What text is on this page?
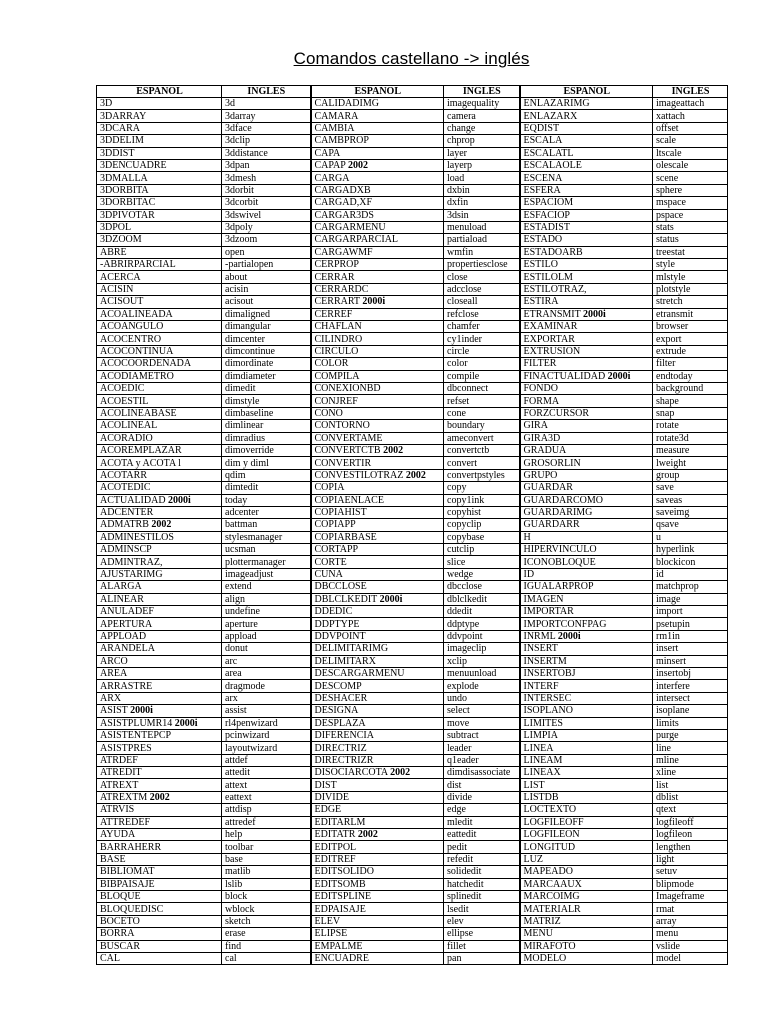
Comandos castellano -> inglés
ESPANOL	INGLES	ESPANOL	INGLES	ESPANOL	INGLES
3D	3d	CALIDADIMG	imagequality	ENLAZARIMG	imageattach
3DARRAY	3darray	CAMARA	camera	ENLAZARX	xattach
3DCARA	3dface	CAMBIA	change	EQDIST	offset
3DDELIM	3dclip	CAMBPROP	chprop	ESCALA	scale
3DDIST	3ddistance	CAPA	layer	ESCALATL	ltscale
3DENCUADRE	3dpan	CAPAP 2002	layerp	ESCALAOLE	olescale
3DMALLA	3dmesh	CARGA	load	ESCENA	scene
3DORBITA	3dorbit	CARGADXB	dxbin	ESFERA	sphere
3DORBITAC	3dcorbit	CARGAD,XF	dxfin	ESPACIOM	mspace
3DPIVOTAR	3dswivel	CARGAR3DS	3dsin	ESFACIOP	pspace
3DPOL	3dpoly	CARGARMENU	menuload	ESTADIST	stats
3DZOOM	3dzoom	CARGARPARCIAL	partiaload	ESTADO	status
ABRE	open	CARGAWMF	wmfin	ESTADOARB	treestat
-ABRIRPARCIAL	-partialopen	CERPROP	propertiesclose	ESTILO	style
ACERCA	about	CERRAR	close	ESTILOLM	mlstyle
ACISIN	acisin	CERRARDC	adcclose	ESTILOTRAZ,	plotstyle
ACISOUT	acisout	CERRART 2000i	closeall	ESTIRA	stretch
ACOALINEADA	dimaligned	CERREF	refclose	ETRANSMIT 2000i	etransmit
ACOANGULO	dimangular	CHAFLAN	chamfer	EXAMINAR	browser
ACOCENTRO	dimcenter	CILINDRO	cy1inder	EXPORTAR	export
ACOCONTINUA	dimcontinue	CIRCULO	circle	EXTRUSION	extrude
ACOCOORDENADA	dimordinate	COLOR	color	FILTER	filter
ACODIAMETRO	dimdiameter	COMPILA	compile	FINACTUALIDAD 2000i	endtoday
ACOEDIC	dimedit	CONEXIONBD	dbconnect	FONDO	background
ACOESTIL	dimstyle	CONJREF	refset	FORMA	shape
ACOLINEABASE	dimbaseline	CONO	cone	FORZCURSOR	snap
ACOLINEAL	dimlinear	CONTORNO	boundary	GIRA	rotate
ACORADIO	dimradius	CONVERTAME	ameconvert	GIRA3D	rotate3d
ACOREMPLAZAR	dimoverride	CONVERTCTB 2002	convertctb	GRADUA	measure
ACOTA y ACOTA l	dim y diml	CONVERTIR	convert	GROSORLIN	lweight
ACOTARR	qdim	CONVESTILOTRAZ 2002	convertpstyles	GRUPO	group
ACOTEDIC	dimtedit	COPIA	copy	GUARDAR	save
ACTUALIDAD 2000i	today	COPIAENLACE	copy1ink	GUARDARCOMO	saveas
ADCENTER	adcenter	COPIAHIST	copyhist	GUARDARIMG	saveimg
ADMATRB 2002	battman	COPIAPP	copyclip	GUARDARR	qsave
ADMINESTILOS	stylesmanager	COPIARBASE	copybase	H	u
ADMINSCP	ucsman	CORTAPP	cutclip	HIPERVINCULO	hyperlink
ADMINTRAZ,	plottermanager	CORTE	slice	ICONOBLOQUE	blockicon
AJUSTARIMG	imageadjust	CUNA	wedge	ID	id
ALARGA	extend	DBCCLOSE	dbcclose	IGUALARPROP	matchprop
ALINEAR	align	DBLCLKEDIT 2000i	dblclkedit	IMAGEN	image
ANULADEF	undefine	DDEDIC	ddedit	IMPORTAR	import
APERTURA	aperture	DDPTYPE	ddptype	IMPORTCONFPAG	psetupin
APPLOAD	appload	DDVPOINT	ddvpoint	INRML 2000i	rm1in
ARANDELA	donut	DELIMITARIMG	imageclip	INSERT	insert
ARCO	arc	DELIMITARX	xclip	INSERTM	minsert
AREA	area	DESCARGARMENU	menuunload	INSERTOBJ	insertobj
ARRASTRE	dragmode	DESCOMP	explode	INTERF	interfere
ARX	arx	DESHACER	undo	INTERSEC	intersect
ASIST 2000i	assist	DESIGNA	select	ISOPLANO	isoplane
ASISTPLUMR14 2000i	rl4penwizard	DESPLAZA	move	LIMITES	limits
ASISTENTEPCP	pcinwizard	DIFERENCIA	subtract	LIMPIA	purge
ASISTPRES	layoutwizard	DIRECTRIZ	leader	LINEA	line
ATRDEF	attdef	DIRECTRIZR	q1eader	LINEAM	mline
ATREDIT	attedit	DISOCIARCOTA 2002	dimdisassociate	LINEAX	xline
ATREXT	attext	DIST	dist	LIST	list
ATREXTM 2002	eattext	DIVIDE	divide	LISTDB	dblist
ATRVIS	attdisp	EDGE	edge	LOCTEXTO	qtext
ATTREDEF	attredef	EDITARLM	mledit	LOGFILEOFF	logfileoff
AYUDA	help	EDITATR 2002	eattedit	LOGFILEON	logfileon
BARRAHERR	toolbar	EDITPOL	pedit	LONGITUD	lengthen
BASE	base	EDITREF	refedit	LUZ	light
BIBLIOMAT	matlib	EDITSOLIDO	solidedit	MAPEADO	setuv
BIBPAISAJE	lslib	EDITSOMB	hatchedit	MARCAAUX	blipmode
BLOQUE	block	EDITSPLINE	splinedit	MARCOIMG	Imageframe
BLOQUEDISC	wblock	EDPAISAJE	lsedit	MATERIALR	rmat
BOCETO	sketch	ELEV	elev	MATRIZ	array
BORRA	erase	ELIPSE	ellipse	MENÚ	menu
BUSCAR	find	EMPALME	fillet	MIRAFOTO	vslide
CAL	cal	ENCUADRE	pan	MODELO	model
